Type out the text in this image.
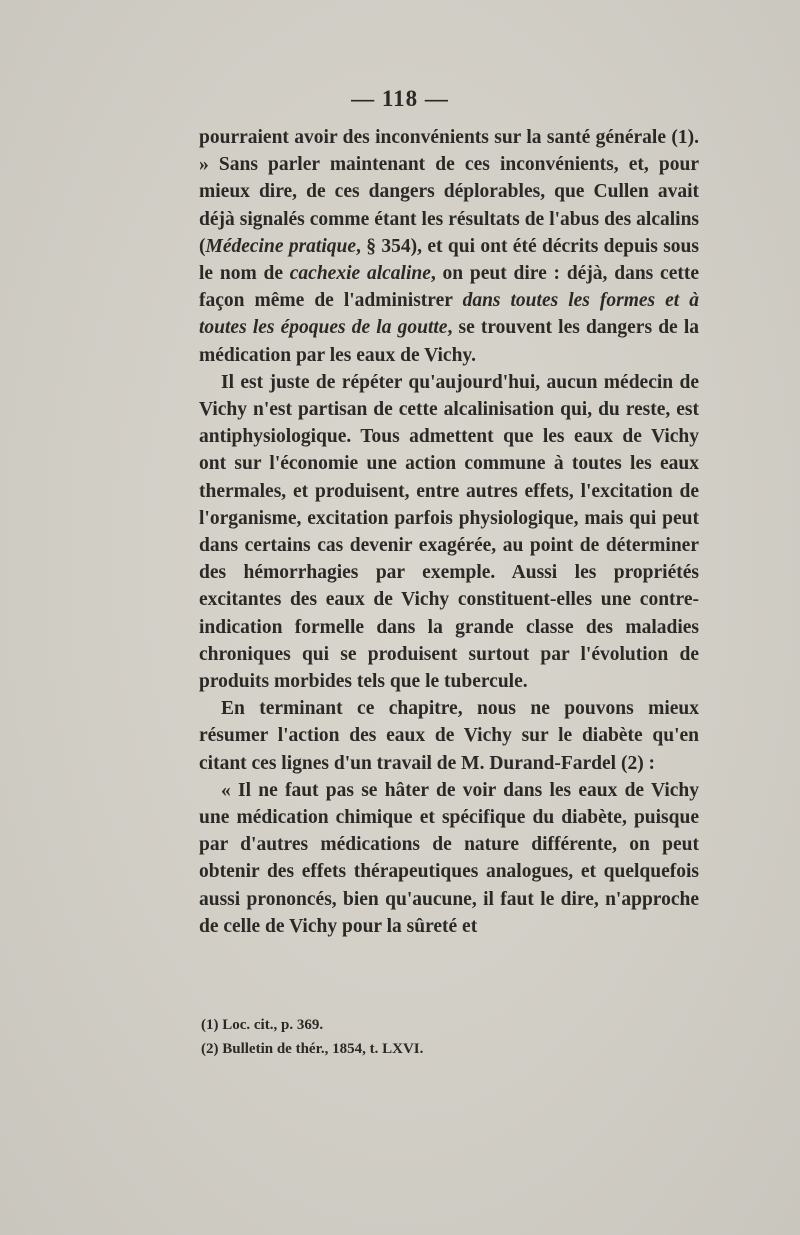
— 118 —

pourraient avoir des inconvénients sur la santé générale (1). » Sans parler maintenant de ces inconvénients, et, pour mieux dire, de ces dangers déplorables, que Cullen avait déjà signalés comme étant les résultats de l'abus des alcalins (Médecine pratique, § 354), et qui ont été décrits depuis sous le nom de cachexie alcaline, on peut dire : déjà, dans cette façon même de l'administrer dans toutes les formes et à toutes les époques de la goutte, se trouvent les dangers de la médication par les eaux de Vichy.

Il est juste de répéter qu'aujourd'hui, aucun médecin de Vichy n'est partisan de cette alcalinisation qui, du reste, est antiphysiologique. Tous admettent que les eaux de Vichy ont sur l'économie une action commune à toutes les eaux thermales, et produisent, entre autres effets, l'excitation de l'organisme, excitation parfois physiologique, mais qui peut dans certains cas devenir exagérée, au point de déterminer des hémorrhagies par exemple. Aussi les propriétés excitantes des eaux de Vichy constituent-elles une contre-indication formelle dans la grande classe des maladies chroniques qui se produisent surtout par l'évolution de produits morbides tels que le tubercule.

En terminant ce chapitre, nous ne pouvons mieux résumer l'action des eaux de Vichy sur le diabète qu'en citant ces lignes d'un travail de M. Durand-Fardel (2) :

« Il ne faut pas se hâter de voir dans les eaux de Vichy une médication chimique et spécifique du diabète, puisque par d'autres médications de nature différente, on peut obtenir des effets thérapeutiques analogues, et quelquefois aussi prononcés, bien qu'aucune, il faut le dire, n'approche de celle de Vichy pour la sûreté et

(1) Loc. cit., p. 369.
(2) Bulletin de thér., 1854, t. LXVI.
